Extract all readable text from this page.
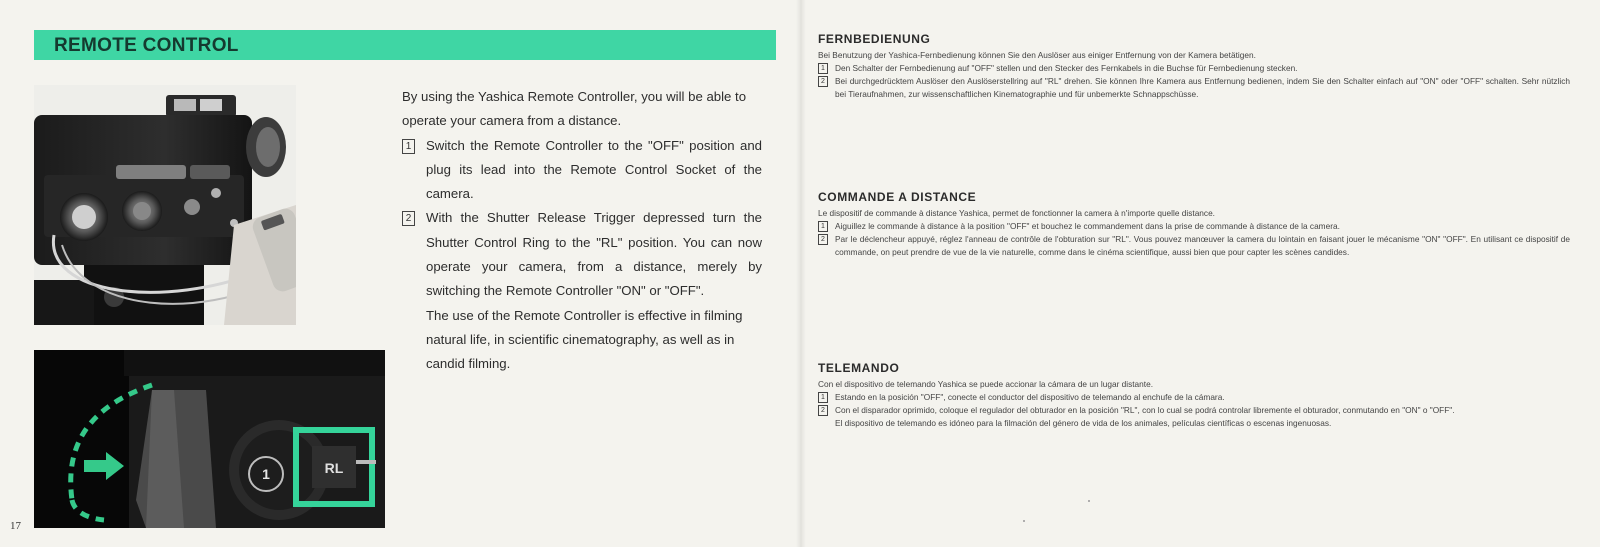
REMOTE CONTROL
1	RL
17

By using the Yashica Remote Controller, you will be able to operate your camera from a distance.

1 Switch the Remote Controller to the "OFF" position and plug its lead into the Remote Control Socket of the camera.
2 With the Shutter Release Trigger depressed turn the Shutter Control Ring to the "RL" position. You can now operate your camera, from a distance, merely by switching the Remote Controller "ON" or "OFF".

The use of the Remote Controller is effective in filming natural life, in scientific cinematography, as well as in candid filming.

FERNBEDIENUNG

Bei Benutzung der Yashica-Fernbedienung können Sie den Auslöser aus einiger Entfernung von der Kamera betätigen.

1	Den Schalter der Fernbedienung auf "OFF" stellen und den Stecker des Fernkabels in die Buchse für Fernbedienung stecken.
2	Bei durchgedrücktem Auslöser den Auslöserstellring auf "RL" drehen. Sie können Ihre Kamera aus Entfernung bedienen, indem Sie den Schalter einfach auf "ON" oder "OFF" schalten. Sehr nützlich bei Tieraufnahmen, zur wissenschaftlichen Kinematographie und für unbemerkte Schnappschüsse.
COMMANDE A DISTANCE

Le dispositif de commande à distance Yashica, permet de fonctionner la camera à n'importe quelle distance.

1	Aiguillez le commande à distance à la position "OFF" et bouchez le commandement dans la prise de commande à distance de la camera.
2	Par le déclencheur appuyé, réglez l'anneau de contrôle de l'obturation sur "RL". Vous pouvez manœuver la camera du lointain en faisant jouer le mécanisme "ON" "OFF". En utilisant ce dispositif de commande, on peut prendre de vue de la vie naturelle, comme dans le cinéma scientifique, aussi bien que pour capter les scènes candides.
TELEMANDO

Con el dispositivo de telemando Yashica se puede accionar la cámara de un lugar distante.

1	Estando en la posición "OFF", conecte el conductor del dispositivo de telemando al enchufe de la cámara.
2	Con el disparador oprimido, coloque el regulador del obturador en la posición "RL", con lo cual se podrá controlar libremente el obturador, conmutando en "ON" o "OFF".

El dispositivo de telemando es idóneo para la filmación del género de vida de los animales, películas científicas o escenas ingenuosas.
